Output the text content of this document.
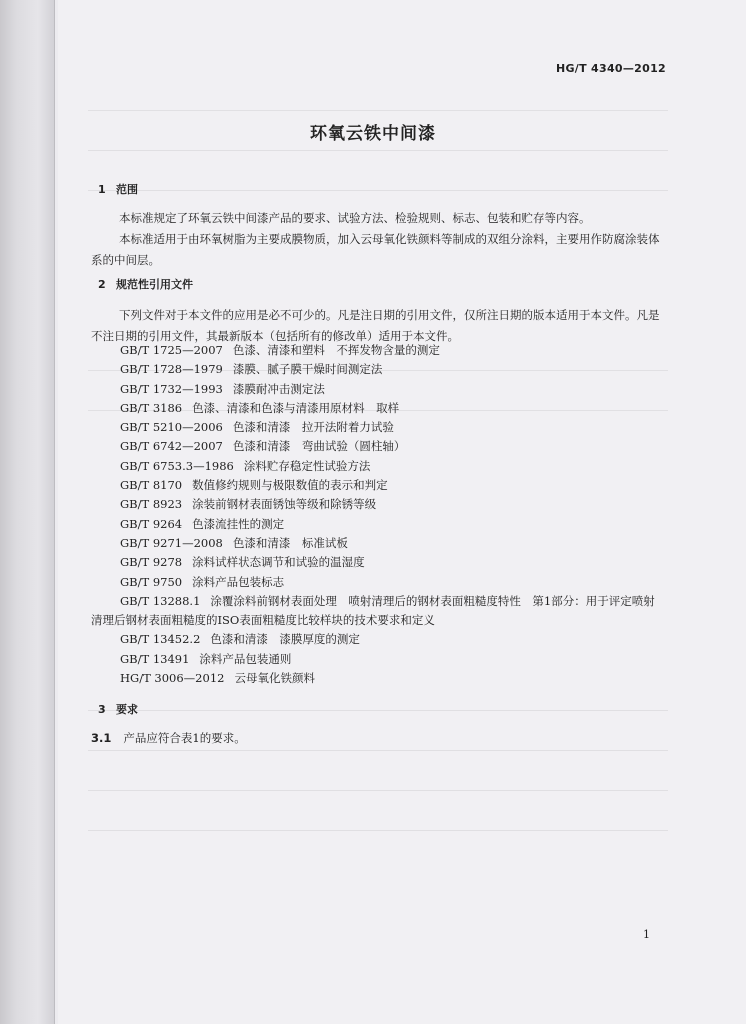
HG/T 4340—2012
环氧云铁中间漆
1 范围
本标准规定了环氧云铁中间漆产品的要求、试验方法、检验规则、标志、包装和贮存等内容。
本标准适用于由环氧树脂为主要成膜物质，加入云母氧化铁颜料等制成的双组分涂料，主要用作防腐涂装体系的中间层。
2 规范性引用文件
下列文件对于本文件的应用是必不可少的。凡是注日期的引用文件，仅所注日期的版本适用于本文件。凡是不注日期的引用文件，其最新版本（包括所有的修改单）适用于本文件。
GB/T 1725—2007 色漆、清漆和塑料　不挥发物含量的测定
GB/T 1728—1979 漆膜、腻子膜干燥时间测定法
GB/T 1732—1993 漆膜耐冲击测定法
GB/T 3186 色漆、清漆和色漆与清漆用原材料　取样
GB/T 5210—2006 色漆和清漆　拉开法附着力试验
GB/T 6742—2007 色漆和清漆　弯曲试验（圆柱轴）
GB/T 6753.3—1986 涂料贮存稳定性试验方法
GB/T 8170 数值修约规则与极限数值的表示和判定
GB/T 8923 涂装前钢材表面锈蚀等级和除锈等级
GB/T 9264 色漆流挂性的测定
GB/T 9271—2008 色漆和清漆　标准试板
GB/T 9278 涂料试样状态调节和试验的温湿度
GB/T 9750 涂料产品包装标志
GB/T 13288.1 涂覆涂料前钢材表面处理　喷射清理后的钢材表面粗糙度特性　第1部分：用于评定喷射清理后钢材表面粗糙度的ISO表面粗糙度比较样块的技术要求和定义
GB/T 13452.2 色漆和清漆　漆膜厚度的测定
GB/T 13491 涂料产品包装通则
HG/T 3006—2012 云母氧化铁颜料
3 要求
3.1 产品应符合表1的要求。
1
